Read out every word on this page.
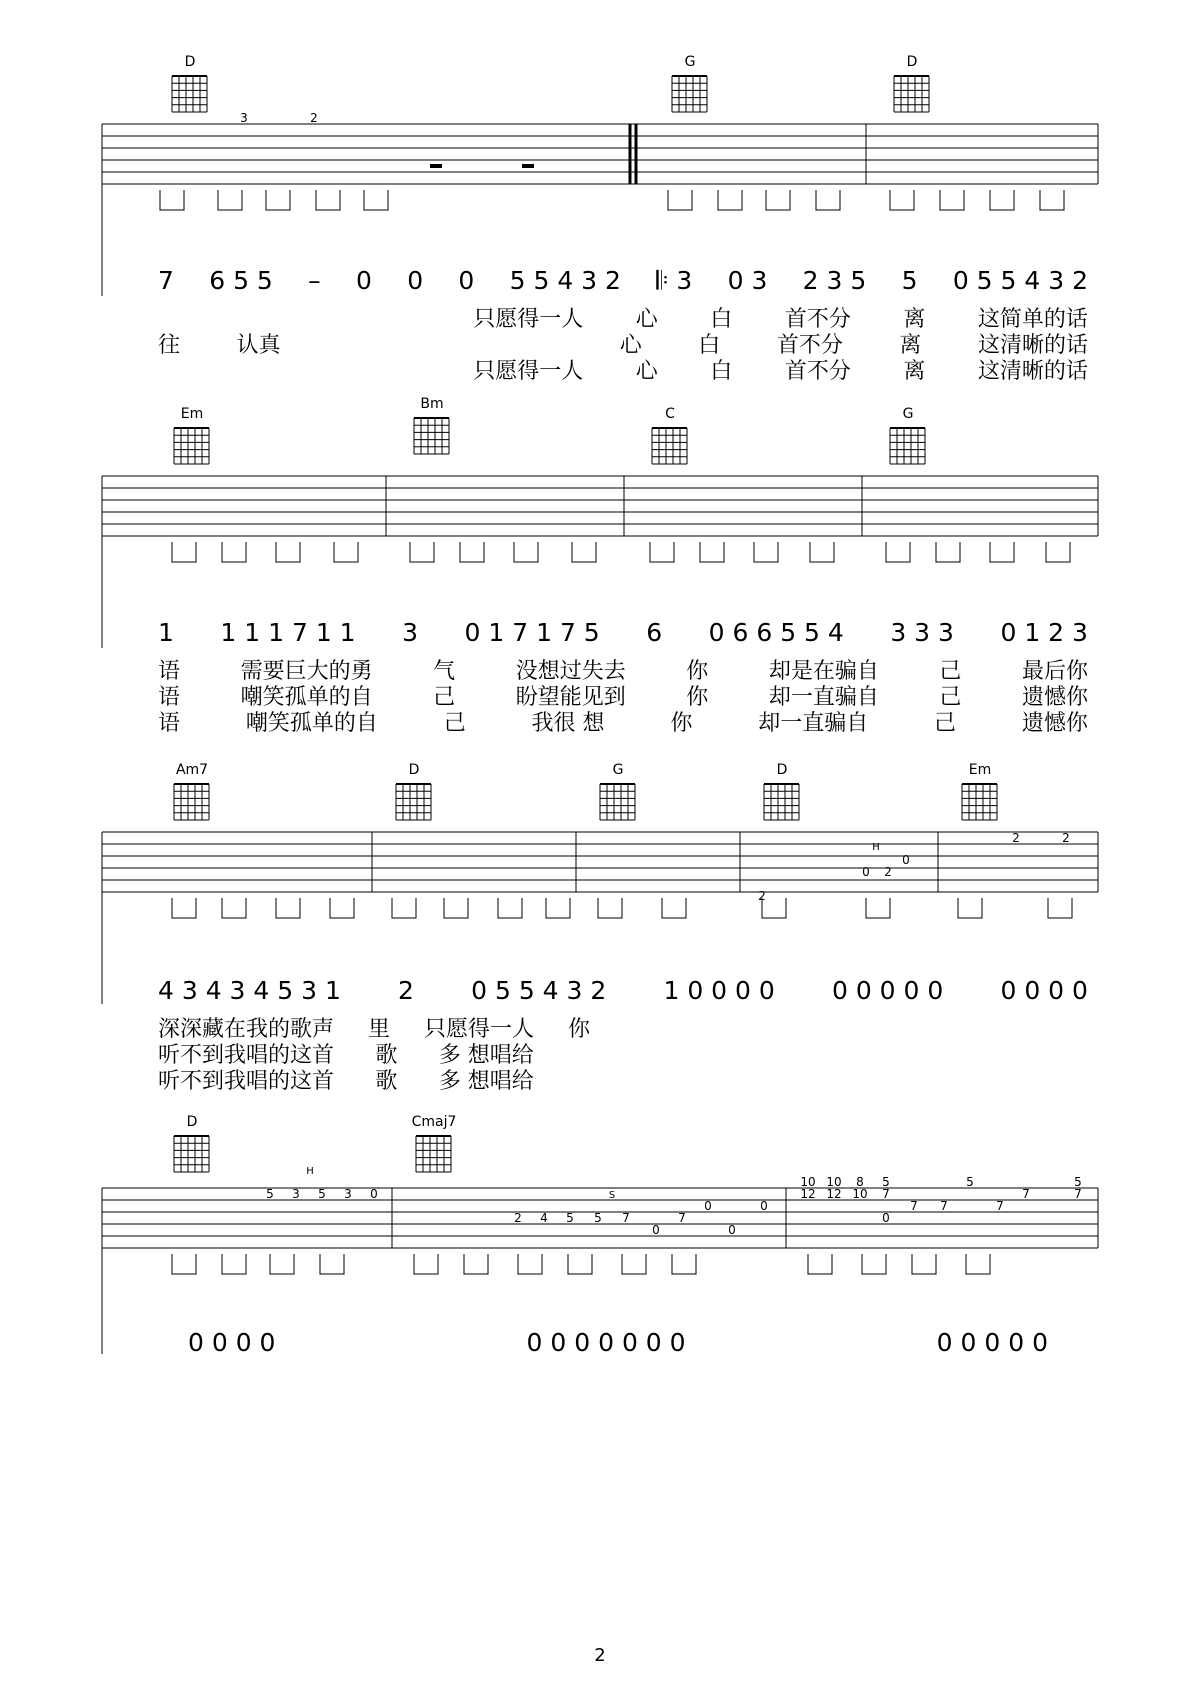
3	2
D	G	D
7 6 5 5 – 0 0 0 5 5 4 3 2 𝄆 3 0 3 2 3 5 5 0 5 5 4 3 2
只愿得一人 心 白 首不分 离 这简单的话
往	认真	心	白	首不分	离	这清晰的话
只愿得一人 心 白 首不分 离 这清晰的话
Em
Bm
C	G
1 1 1 1 7 1 1 3 0 1 7 1 7 5 6 0 6 6 5 5 4 3 3 3 0 1 2 3
语	需要巨大的勇	气	没想过失去	你	却是在骗自	己	最后你
语	嘲笑孤单的自	己	盼望能见到	你	却一直骗自	己	遗憾你
语	嘲笑孤单的自	己	我很 想	你	却一直骗自	己	遗憾你
0 2
0
2
2	2
H
Am7	D	G	D	Em
4 3 4 3 4 5 3 1 2 0 5 5 4 3 2 1 0 0 0 0 0 0 0 0 0 0 0 0 0
深深藏在我的歌声 里 只愿得一人 你
听不到我唱的这首 歌 多 想唱给
听不到我唱的这首 歌 多 想唱给
5 3 5 3 0
2 4 5 5 7
0
7
0
0
0
10 10 8 5
12 12 10 7
7 7
0
5
7
7
5
7
H
S
D	Cmaj7
0 0 0 0	0 0 0 0 0 0 0	0 0 0 0 0
2
